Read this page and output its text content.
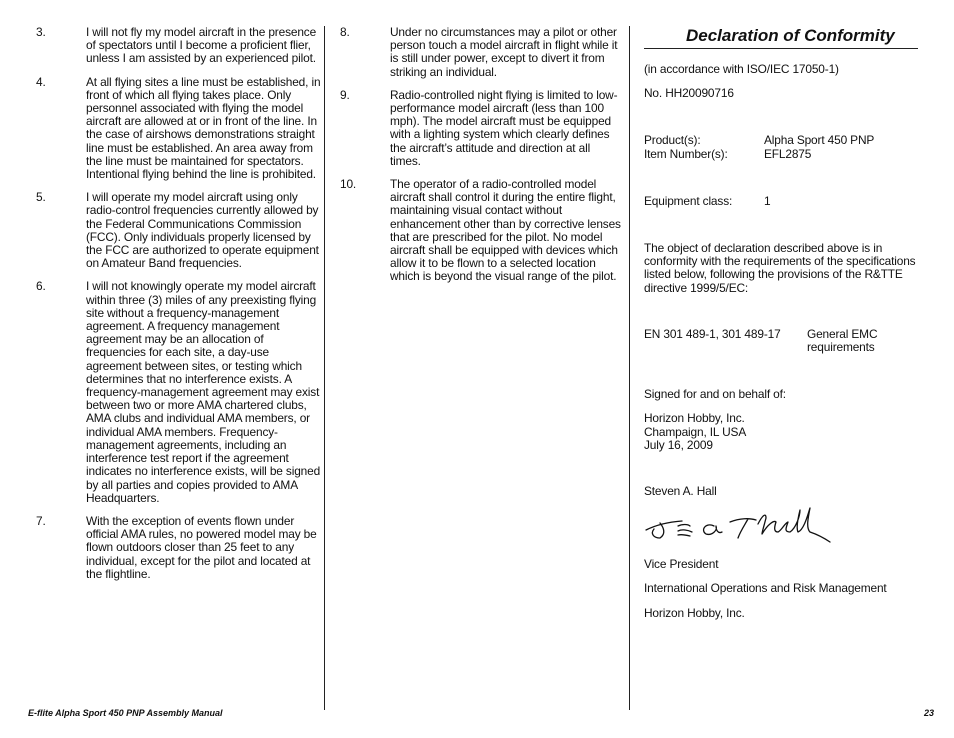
3.	I will not fly my model aircraft in the presence of spectators until I become a proficient flier, unless I am assisted by an experienced pilot.
4.	At all flying sites a line must be established, in front of which all flying takes place. Only personnel associated with flying the model aircraft are allowed at or in front of the line. In the case of airshows demonstrations straight line must be established. An area away from the line must be maintained for spectators. Intentional flying behind the line is prohibited.
5.	I will operate my model aircraft using only radio-control frequencies currently allowed by the Federal Communications Commission (FCC). Only individuals properly licensed by the FCC are authorized to operate equipment on Amateur Band frequencies.
6.	I will not knowingly operate my model aircraft within three (3) miles of any preexisting flying site without a frequency-management agreement. A frequency management agreement may be an allocation of frequencies for each site, a day-use agreement between sites, or testing which determines that no interference exists. A frequency-management agreement may exist between two or more AMA chartered clubs, AMA clubs and individual AMA members, or individual AMA members. Frequency-management agreements, including an interference test report if the agreement indicates no interference exists, will be signed by all parties and copies provided to AMA Headquarters.
7.	With the exception of events flown under official AMA rules, no powered model may be flown outdoors closer than 25 feet to any individual, except for the pilot and located at the flightline.
8.	Under no circumstances may a pilot or other person touch a model aircraft in flight while it is still under power, except to divert it from striking an individual.
9.	Radio-controlled night flying is limited to low-performance model aircraft (less than 100 mph). The model aircraft must be equipped with a lighting system which clearly defines the aircraft’s attitude and direction at all times.
10.	The operator of a radio-controlled model aircraft shall control it during the entire flight, maintaining visual contact without enhancement other than by corrective lenses that are prescribed for the pilot. No model aircraft shall be equipped with devices which allow it to be flown to a selected location which is beyond the visual range of the pilot.
Declaration of Conformity
(in accordance with ISO/IEC 17050-1)
No. HH20090716
Product(s):	Alpha Sport 450 PNP
Item Number(s):	EFL2875
Equipment class:	1
The object of declaration described above is in conformity with the requirements of the specifications listed below, following the provisions of the R&TTE directive 1999/5/EC:
EN 301 489-1, 301 489-17	General EMC requirements
Signed for and on behalf of:
Horizon Hobby, Inc.
Champaign, IL USA
July 16, 2009
Steven A. Hall
Vice President
International Operations and Risk Management
Horizon Hobby, Inc.
E-flite Alpha Sport 450 PNP Assembly Manual	23
